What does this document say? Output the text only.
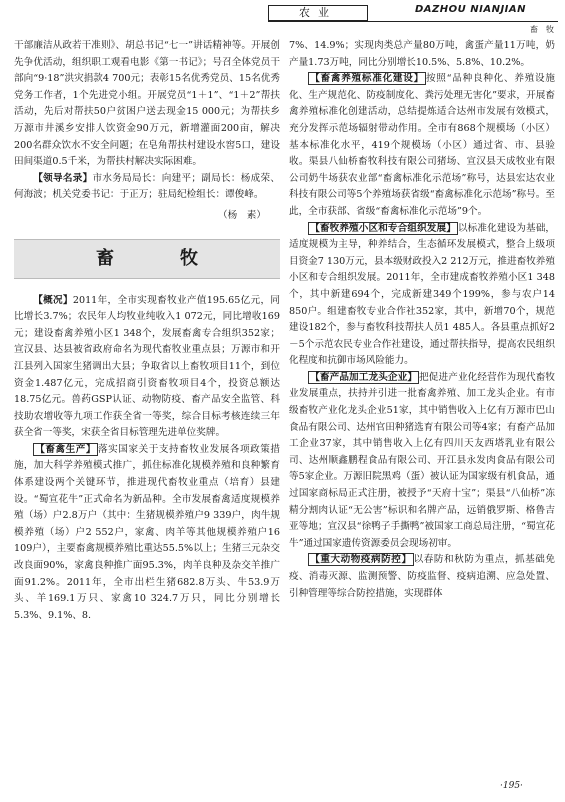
农业	DAZHOU NIANJIAN
畜　牧

干部廉洁从政若干准则》、胡总书记“七一”讲话精神等。开展创先争优活动，组织职工观看电影《第一书记》；号召全体党员干部向“9·18”洪灾捐款4 700元；表彰15名优秀党员、15名优秀党务工作者，1个先进党小组。开展党员“1＋1”、“1＋2”帮扶活动，先后对帮扶50户贫困户送去现金15 000元；为帮扶乡万源市井溪乡安排人饮资金90万元，新增灌面200亩，解决200名群众饮水不安全问题；在皂角帮扶村建设水窖5口，建设田间渠道0.5千米，为帮扶村解决实际困难。

【领导名录】市水务局局长：向建平；副局长：杨成荣、何海波；机关党委书记：于正万；驻局纪检组长：谭俊峰。

（杨　素）

畜　牧

【概况】2011年，全市实现畜牧业产值195.65亿元，同比增长3.7%；农民年人均牧业纯收入1 072元，同比增收169元；建设畜禽养殖小区1 348个，发展畜禽专合组织352家；宣汉县、达县被省政府命名为现代畜牧业重点县；万源市和开江县列入国家生猪调出大县；争取省以上畜牧项目11个，到位资金1.487亿元，完成招商引资畜牧项目4个，投资总额达18.75亿元。兽药GSP认证、动物防疫、畜产品安全监管、科技助农增收等九项工作获全省一等奖，综合目标考核连续三年获全省一等奖，宋获全省目标管理先进单位奖牌。

【畜禽生产】 落实国家关于支持畜牧业发展各项政策措施，加大科学养殖模式推广，抓住标准化规模养殖和良种繁育体系建设两个关键环节，推进现代畜牧业重点（培育）县建设。“蜀宣花牛”正式命名为新品种。全市发展畜禽适度规模养殖（场）户2.8万户（其中：生猪规模养殖户9 339户，肉牛规模养殖（场）户2 552户，家禽、肉羊等其他规模养殖户16 109户），主要畜禽规模养殖比重达55.5%以上；生猪三元杂交改良面90%，家禽良种推广面95.3%，肉羊良种及杂交羊推广面91.2%。2011年，全市出栏生猪682.8万头、牛53.9万头、羊169.1万只、家禽10 324.7万只，同比分别增长5.3%、9.1%、8.

7%、14.9%；实现肉类总产量80万吨，禽蛋产量11万吨，奶产量1.73万吨，同比分别增长10.5%、5.8%、10.2%。

【畜禽养殖标准化建设】 按照“品种良种化、养殖设施化、生产规范化、防疫制度化、粪污处理无害化”要求，开展畜禽养殖标准化创建活动，总结提炼适合达州市发展有效模式，充分发挥示范场辐射带动作用。全市有868个规模场（小区）基本标准化水平，419个规模场（小区）通过省、市、县验收。渠县八仙桥畜牧科技有限公司猪场、宣汉县天成牧业有限公司奶牛场获农业部“畜禽标准化示范场”称号，达县宏达农业科技有限公司等5个养殖场获省级“畜禽标准化示范场”称号。至此，全市获部、省级“畜禽标准化示范场”9个。

【畜牧养殖小区和专合组织发展】 以标准化建设为基础，适度规模为主导，种养结合，生态循环发展模式，整合上级项目资金7 130万元，县本级财政投入2 212万元，推进畜牧养殖小区和专合组织发展。2011年，全市建成畜牧养殖小区1 348个，其中新建694个，完成新建349个199%，参与农户14 850户。组建畜牧专业合作社352家，其中，新增70个，规范建设182个，参与畜牧科技帮扶人员1 485人。各县重点抓好2－5个示范农民专业合作社建设，通过帮扶指导，提高农民组织化程度和抗御市场风险能力。

【畜产品加工龙头企业】 把促进产业化经营作为现代畜牧业发展重点，扶持并引进一批畜禽养殖、加工龙头企业。有市级畜牧产业化龙头企业51家，其中销售收入上亿有万源市巴山食品有限公司、达州官田种猪选育有限公司等4家；有畜产品加工企业37家，其中销售收入上亿有四川天友西塔乳业有限公司、达州顺鑫鹏程食品有限公司、开江县永发肉食品有限公司等5家企业。万源旧院黑鸡（蛋）被认证为国家级有机食品，通过国家商标局正式注册，被授予“天府十宝”；渠县“八仙桥”冻精分割肉认证“无公害”标识和名牌产品，远销俄罗斯、格鲁吉亚等地；宣汉县“徐鸭子手撕鸭”被国家工商总局注册，“蜀宣花牛”通过国家遗传资源委员会现场初审。

【重大动物疫病防控】 以春防和秋防为重点，抓基础免疫、消毒灭源、监测预警、防疫监督、疫病追溯、应急处置、引种管理等综合防控措施，实现群体

·195·
